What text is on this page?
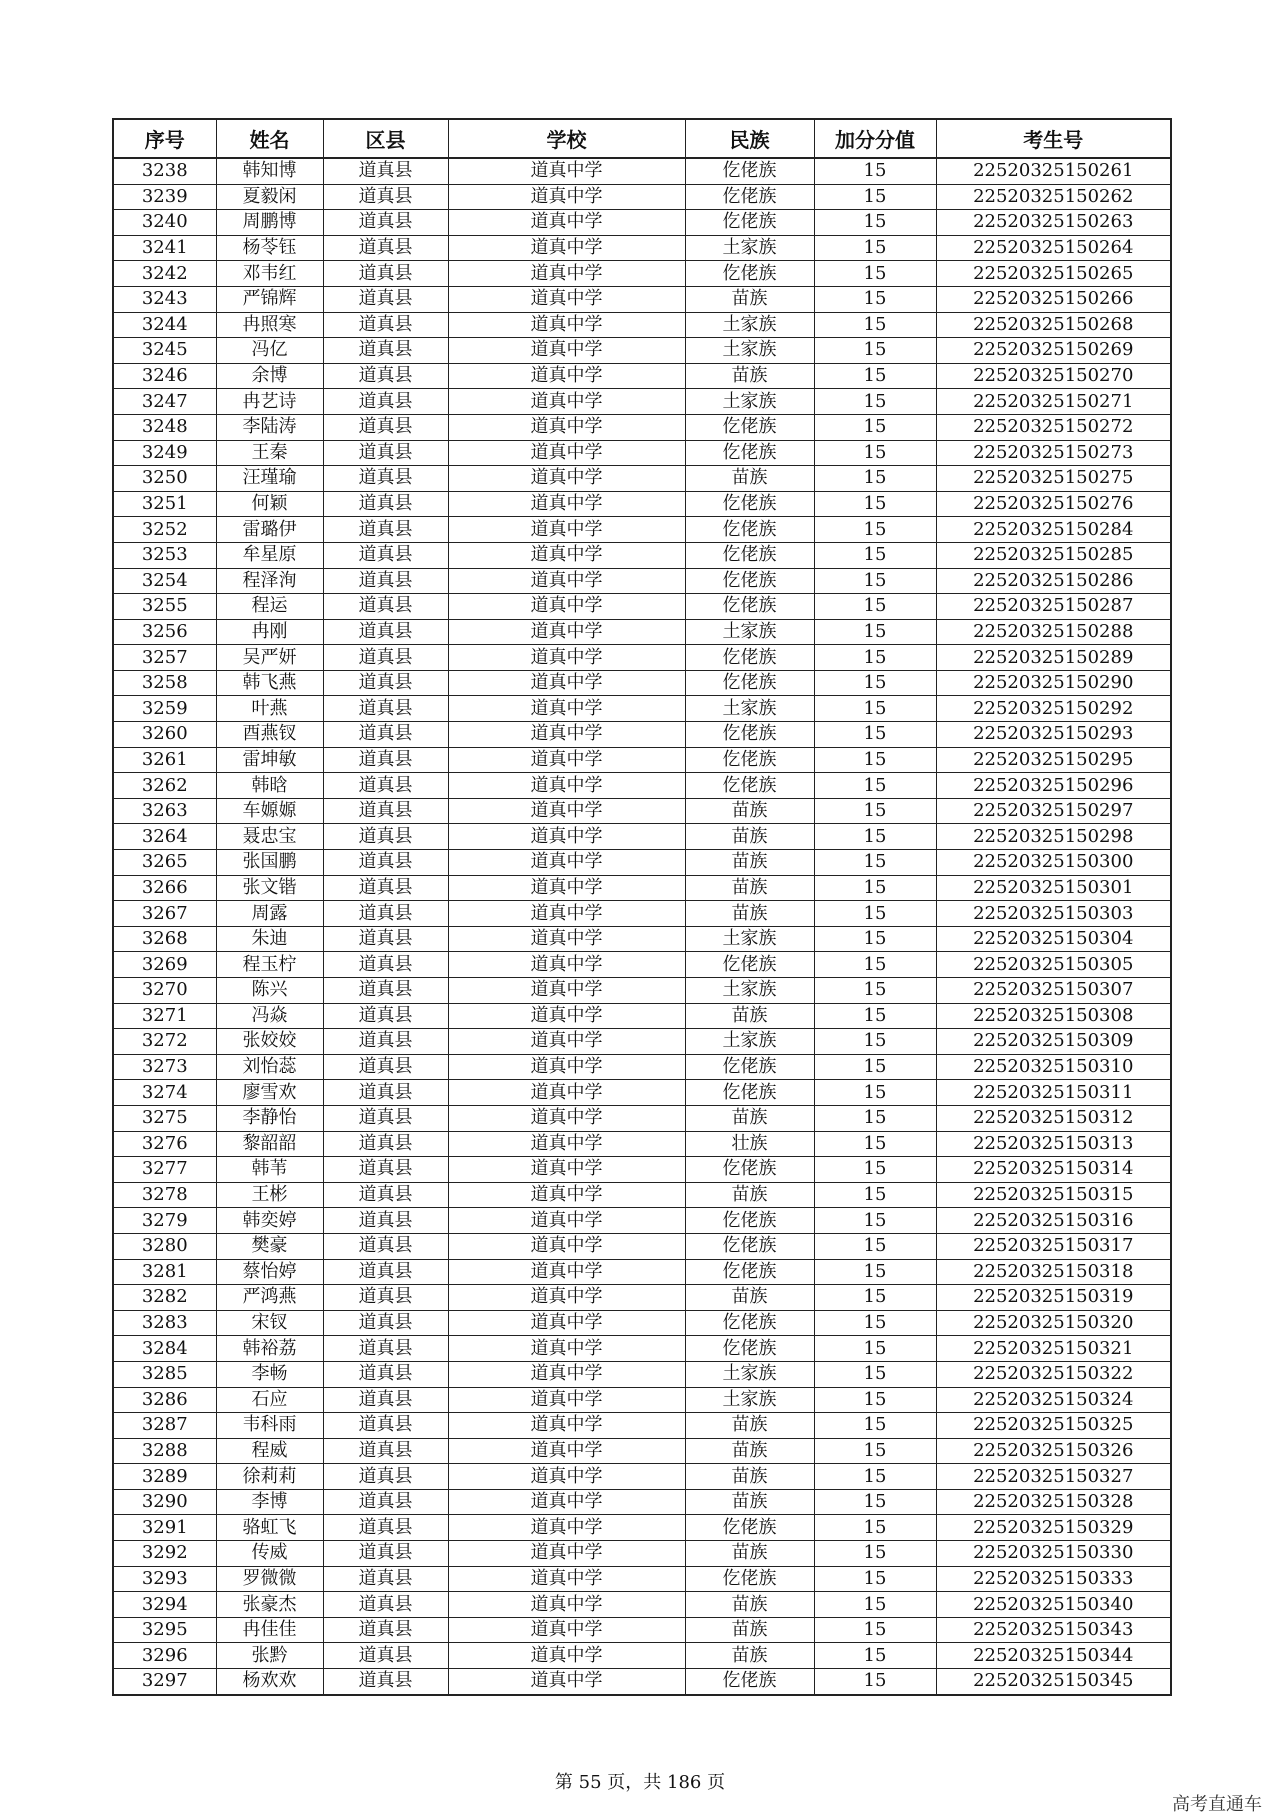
序号	姓名	区县	学校	民族	加分分值	考生号
3238	韩知博	道真县	道真中学	仡佬族	15	22520325150261
3239	夏毅闲	道真县	道真中学	仡佬族	15	22520325150262
3240	周鹏博	道真县	道真中学	仡佬族	15	22520325150263
3241	杨苓钰	道真县	道真中学	土家族	15	22520325150264
3242	邓韦红	道真县	道真中学	仡佬族	15	22520325150265
3243	严锦辉	道真县	道真中学	苗族	15	22520325150266
3244	冉照寒	道真县	道真中学	土家族	15	22520325150268
3245	冯亿	道真县	道真中学	土家族	15	22520325150269
3246	余博	道真县	道真中学	苗族	15	22520325150270
3247	冉艺诗	道真县	道真中学	土家族	15	22520325150271
3248	李陆涛	道真县	道真中学	仡佬族	15	22520325150272
3249	王秦	道真县	道真中学	仡佬族	15	22520325150273
3250	汪瑾瑜	道真县	道真中学	苗族	15	22520325150275
3251	何颖	道真县	道真中学	仡佬族	15	22520325150276
3252	雷璐伊	道真县	道真中学	仡佬族	15	22520325150284
3253	牟星原	道真县	道真中学	仡佬族	15	22520325150285
3254	程泽洵	道真县	道真中学	仡佬族	15	22520325150286
3255	程运	道真县	道真中学	仡佬族	15	22520325150287
3256	冉刚	道真县	道真中学	土家族	15	22520325150288
3257	吴严妍	道真县	道真中学	仡佬族	15	22520325150289
3258	韩飞燕	道真县	道真中学	仡佬族	15	22520325150290
3259	叶燕	道真县	道真中学	土家族	15	22520325150292
3260	酉燕钗	道真县	道真中学	仡佬族	15	22520325150293
3261	雷坤敏	道真县	道真中学	仡佬族	15	22520325150295
3262	韩晗	道真县	道真中学	仡佬族	15	22520325150296
3263	车嫄嫄	道真县	道真中学	苗族	15	22520325150297
3264	聂忠宝	道真县	道真中学	苗族	15	22520325150298
3265	张国鹏	道真县	道真中学	苗族	15	22520325150300
3266	张文锴	道真县	道真中学	苗族	15	22520325150301
3267	周露	道真县	道真中学	苗族	15	22520325150303
3268	朱迪	道真县	道真中学	土家族	15	22520325150304
3269	程玉柠	道真县	道真中学	仡佬族	15	22520325150305
3270	陈兴	道真县	道真中学	土家族	15	22520325150307
3271	冯焱	道真县	道真中学	苗族	15	22520325150308
3272	张姣姣	道真县	道真中学	土家族	15	22520325150309
3273	刘怡蕊	道真县	道真中学	仡佬族	15	22520325150310
3274	廖雪欢	道真县	道真中学	仡佬族	15	22520325150311
3275	李静怡	道真县	道真中学	苗族	15	22520325150312
3276	黎韶韶	道真县	道真中学	壮族	15	22520325150313
3277	韩苇	道真县	道真中学	仡佬族	15	22520325150314
3278	王彬	道真县	道真中学	苗族	15	22520325150315
3279	韩奕婷	道真县	道真中学	仡佬族	15	22520325150316
3280	樊豪	道真县	道真中学	仡佬族	15	22520325150317
3281	蔡怡婷	道真县	道真中学	仡佬族	15	22520325150318
3282	严鸿燕	道真县	道真中学	苗族	15	22520325150319
3283	宋钗	道真县	道真中学	仡佬族	15	22520325150320
3284	韩裕荔	道真县	道真中学	仡佬族	15	22520325150321
3285	李畅	道真县	道真中学	土家族	15	22520325150322
3286	石应	道真县	道真中学	土家族	15	22520325150324
3287	韦科雨	道真县	道真中学	苗族	15	22520325150325
3288	程威	道真县	道真中学	苗族	15	22520325150326
3289	徐莉莉	道真县	道真中学	苗族	15	22520325150327
3290	李博	道真县	道真中学	苗族	15	22520325150328
3291	骆虹飞	道真县	道真中学	仡佬族	15	22520325150329
3292	传威	道真县	道真中学	苗族	15	22520325150330
3293	罗微微	道真县	道真中学	仡佬族	15	22520325150333
3294	张豪杰	道真县	道真中学	苗族	15	22520325150340
3295	冉佳佳	道真县	道真中学	苗族	15	22520325150343
3296	张黔	道真县	道真中学	苗族	15	22520325150344
3297	杨欢欢	道真县	道真中学	仡佬族	15	22520325150345
第 55 页，共 186 页
高考直通车
